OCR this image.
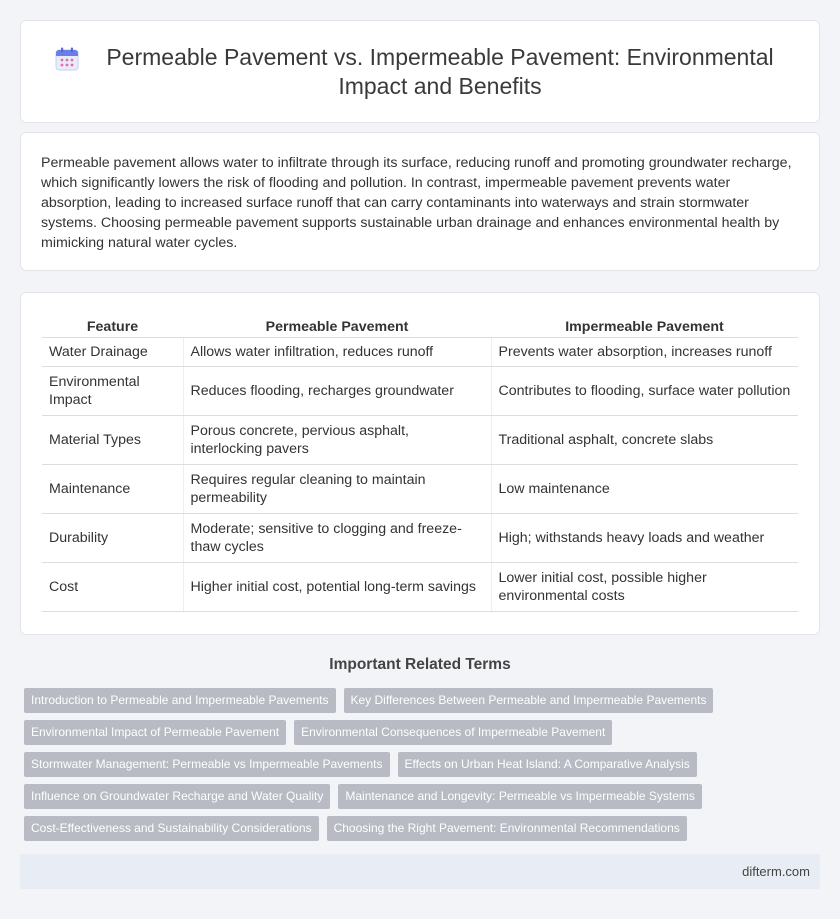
Permeable Pavement vs. Impermeable Pavement: Environmental Impact and Benefits

Permeable pavement allows water to infiltrate through its surface, reducing runoff and promoting groundwater recharge, which significantly lowers the risk of flooding and pollution. In contrast, impermeable pavement prevents water absorption, leading to increased surface runoff that can carry contaminants into waterways and strain stormwater systems. Choosing permeable pavement supports sustainable urban drainage and enhances environmental health by mimicking natural water cycles.

Feature	Permeable Pavement	Impermeable Pavement
Water Drainage	Allows water infiltration, reduces runoff	Prevents water absorption, increases runoff
Environmental Impact	Reduces flooding, recharges groundwater	Contributes to flooding, surface water pollution
Material Types	Porous concrete, pervious asphalt, interlocking pavers	Traditional asphalt, concrete slabs
Maintenance	Requires regular cleaning to maintain permeability	Low maintenance
Durability	Moderate; sensitive to clogging and freeze-thaw cycles	High; withstands heavy loads and weather
Cost	Higher initial cost, potential long-term savings	Lower initial cost, possible higher environmental costs
Important Related Terms
Introduction to Permeable and Impermeable Pavements	Key Differences Between Permeable and Impermeable Pavements
Environmental Impact of Permeable Pavement	Environmental Consequences of Impermeable Pavement
Stormwater Management: Permeable vs Impermeable Pavements	Effects on Urban Heat Island: A Comparative Analysis
Influence on Groundwater Recharge and Water Quality	Maintenance and Longevity: Permeable vs Impermeable Systems
Cost-Effectiveness and Sustainability Considerations	Choosing the Right Pavement: Environmental Recommendations
difterm.com
